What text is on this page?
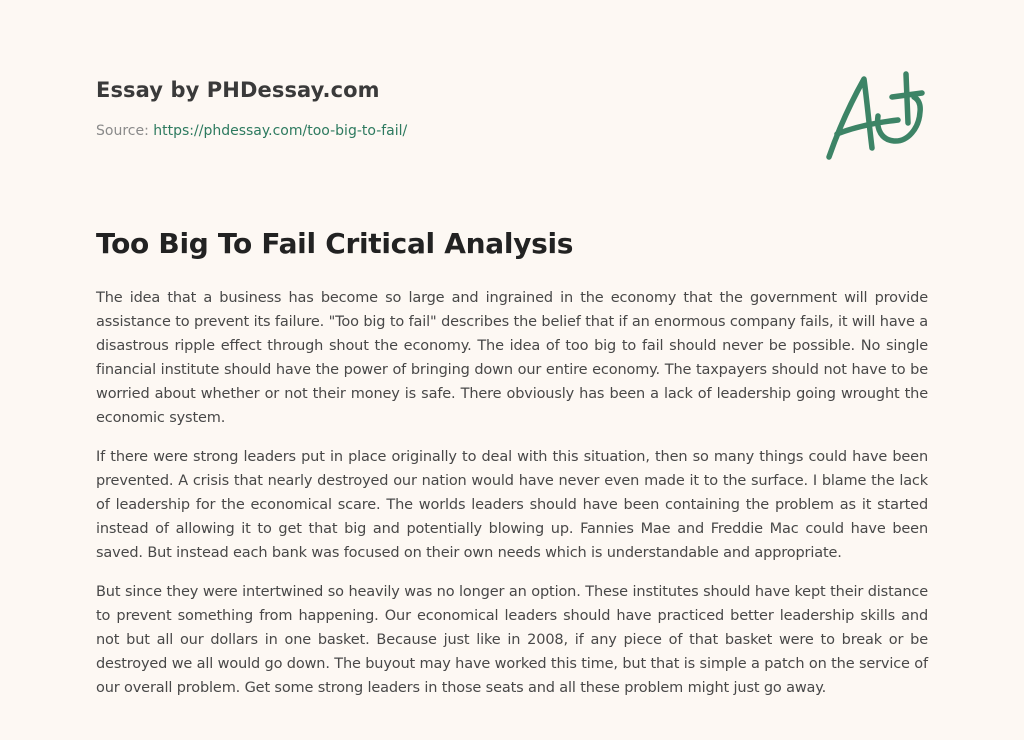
Essay by PHDessay.com
Source: https://phdessay.com/too-big-to-fail/
Too Big To Fail Critical Analysis

The idea that a business has become so large and ingrained in the economy that the government will provide assistance to prevent its failure. "Too big to fail" describes the belief that if an enormous company fails, it will have a disastrous ripple effect through shout the economy. The idea of too big to fail should never be possible. No single financial institute should have the power of bringing down our entire economy. The taxpayers should not have to be worried about whether or not their money is safe. There obviously has been a lack of leadership going wrought the economic system.

If there were strong leaders put in place originally to deal with this situation, then so many things could have been prevented. A crisis that nearly destroyed our nation would have never even made it to the surface. I blame the lack of leadership for the economical scare. The worlds leaders should have been containing the problem as it started instead of allowing it to get that big and potentially blowing up. Fannies Mae and Freddie Mac could have been saved. But instead each bank was focused on their own needs which is understandable and appropriate.

But since they were intertwined so heavily was no longer an option. These institutes should have kept their distance to prevent something from happening. Our economical leaders should have practiced better leadership skills and not but all our dollars in one basket. Because just like in 2008, if any piece of that basket were to break or be destroyed we all would go down. The buyout may have worked this time, but that is simple a patch on the service of our overall problem. Get some strong leaders in those seats and all these problem might just go away.
